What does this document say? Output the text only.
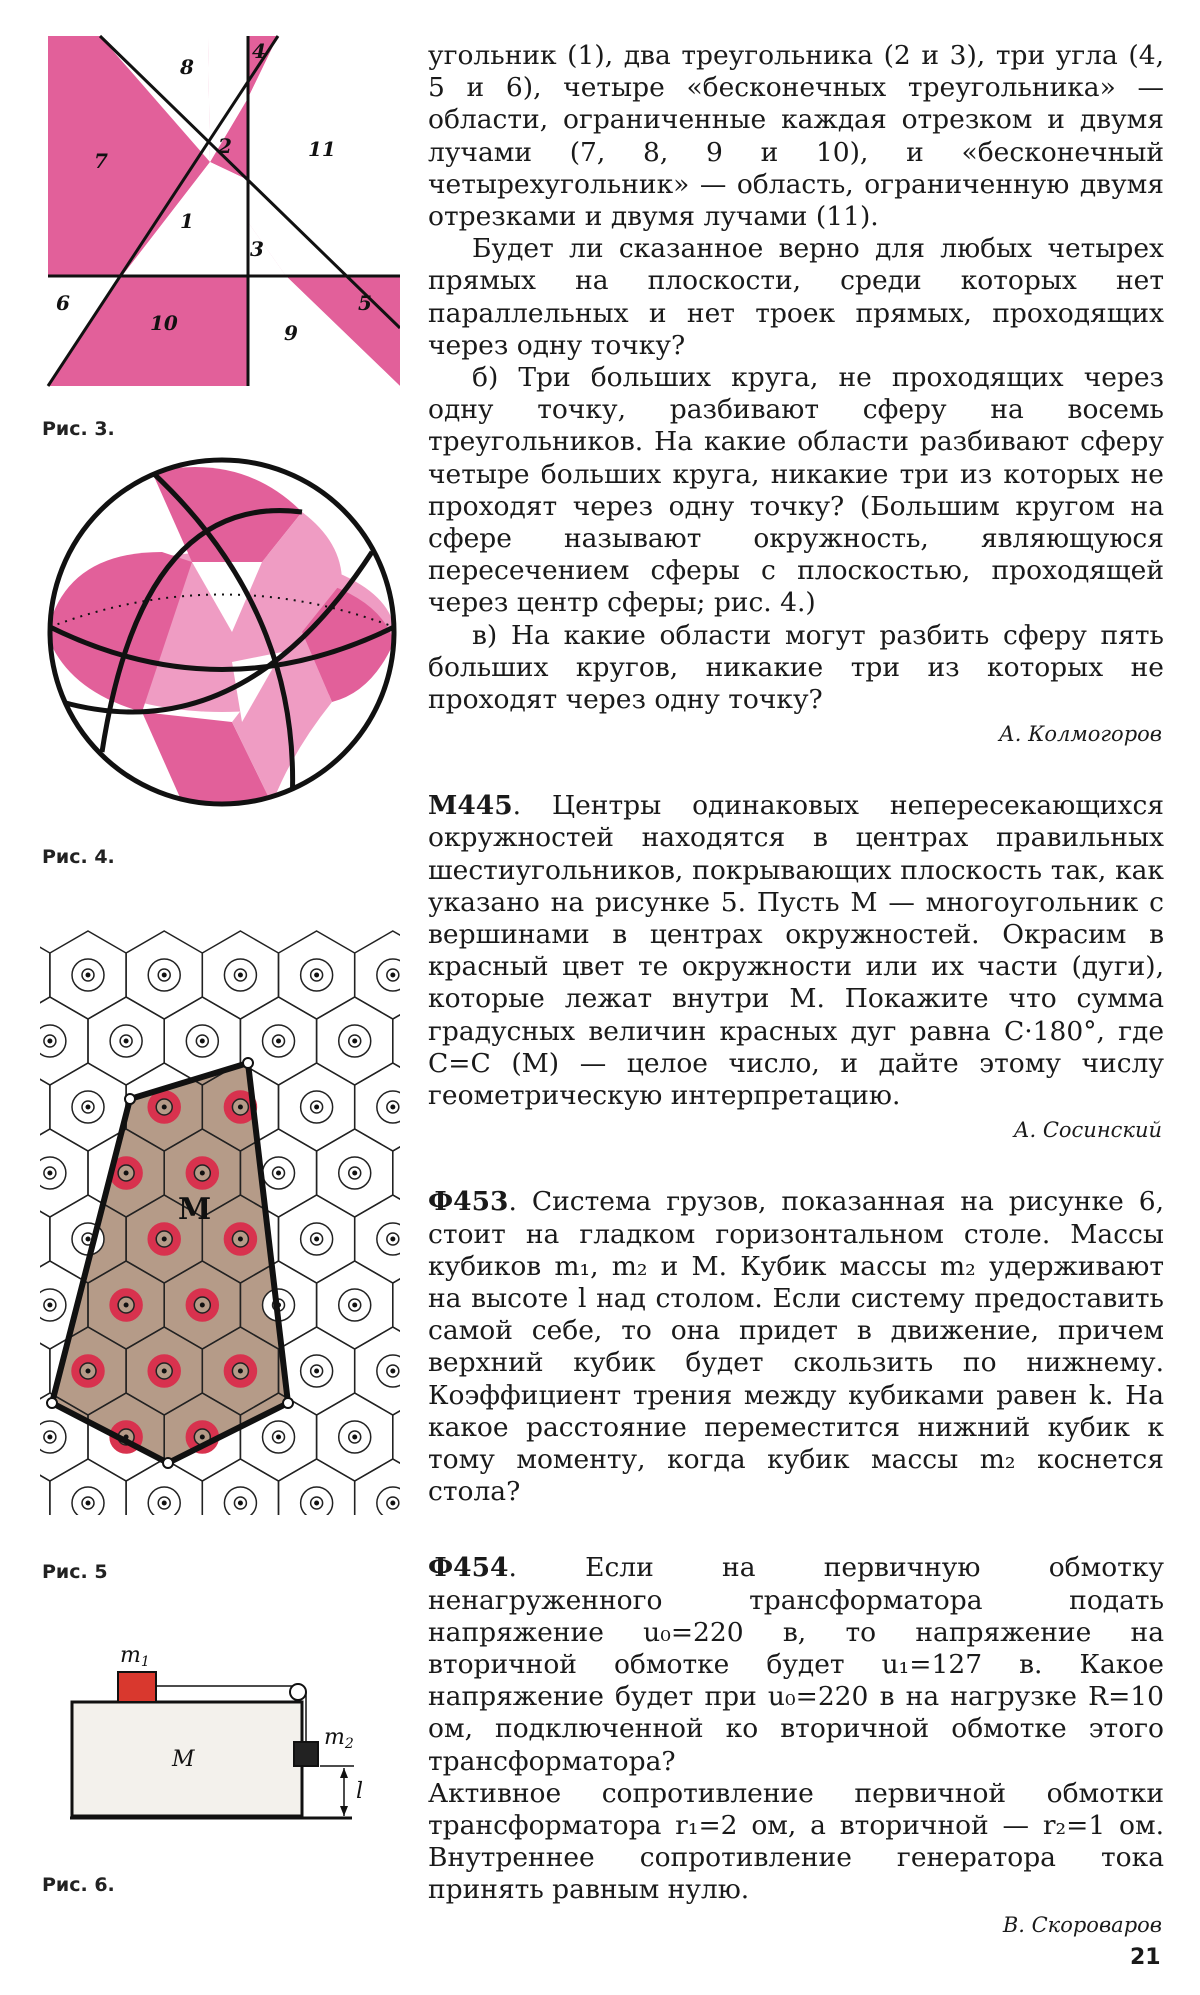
1
2
3
4
5
6
7
8
9
10
11
Рис. 3.
Рис. 4.
M
Рис. 5
m1
m2
M
l
Рис. 6.

угольник (1), два треугольника (2 и 3), три угла (4, 5 и 6), четыре «бесконечных треугольника» — области, ограниченные каждая отрезком и двумя лучами (7, 8, 9 и 10), и «бесконечный четырехугольник» — область, ограниченную двумя отрезками и двумя лучами (11).

Будет ли сказанное верно для любых четырех прямых на плоскости, среди которых нет параллельных и нет троек прямых, проходящих через одну точку?

б) Три больших круга, не проходящих через одну точку, разбивают сферу на восемь треугольников. На какие области разбивают сферу четыре больших круга, никакие три из которых не проходят через одну точку? (Большим кругом на сфере называют окружность, являющуюся пересечением сферы с плоскостью, проходящей через центр сферы; рис. 4.)

в) На какие области могут разбить сферу пять больших кругов, никакие три из которых не проходят через одну точку?

А. Колмогоров

М445. Центры одинаковых непересекающихся окружностей находятся в центрах правильных шестиугольников, покрывающих плоскость так, как указано на рисунке 5. Пусть M — многоугольник с вершинами в центрах окружностей. Окрасим в красный цвет те окружности или их части (дуги), которые лежат внутри M. Покажите что сумма градусных величин красных дуг равна C·180°, где C=C (M) — целое число, и дайте этому числу геометрическую интерпретацию.

А. Сосинский

Ф453. Система грузов, показанная на рисунке 6, стоит на гладком горизонтальном столе. Массы кубиков m₁, m₂ и M. Кубик массы m₂ удерживают на высоте l над столом. Если систему предоставить самой себе, то она придет в движение, причем верхний кубик будет скользить по нижнему. Коэффициент трения между кубиками равен k. На какое расстояние переместится нижний кубик к тому моменту, когда кубик массы m₂ коснется стола?

Ф454. Если на первичную обмотку ненагруженного трансформатора подать напряжение u₀=220 в, то напряжение на вторичной обмотке будет u₁=127 в. Какое напряжение будет при u₀=220 в на нагрузке R=10 ом, подключенной ко вторичной обмотке этого трансформатора?

Активное сопротивление первичной обмотки трансформатора r₁=2 ом, а вторичной — r₂=1 ом. Внутреннее сопротивление генератора тока принять равным нулю.

В. Скороваров

21
